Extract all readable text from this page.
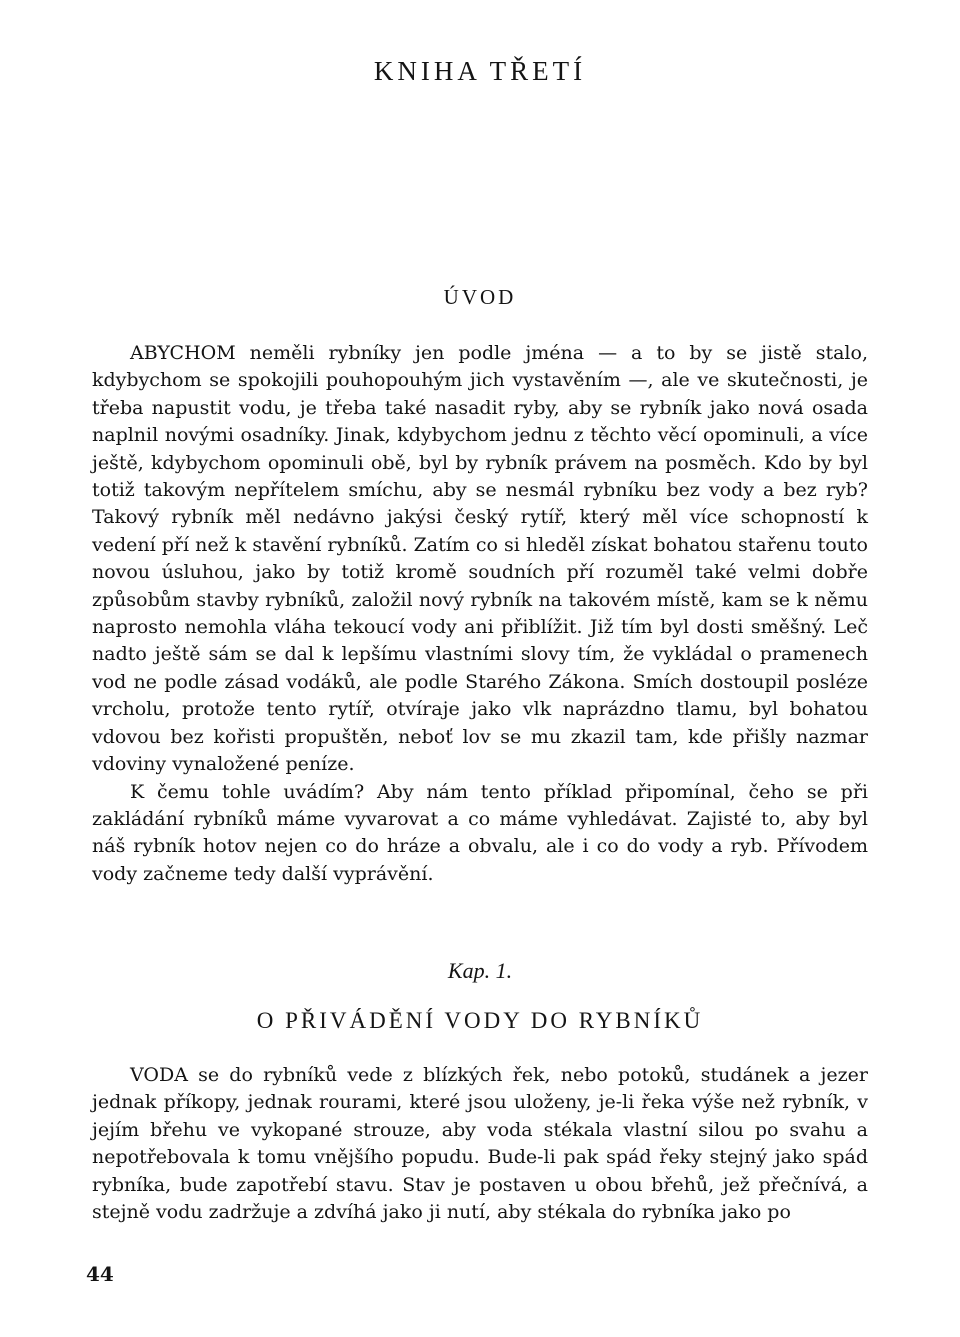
KNIHA TŘETÍ
ÚVOD

ABYCHOM neměli rybníky jen podle jména — a to by se jistě stalo, kdybychom se spokojili pouhopouhým jich vystavěním —, ale ve skutečnosti, je třeba napustit vodu, je třeba také nasadit ryby, aby se rybník jako nová osada naplnil novými osadníky. Jinak, kdybychom jednu z těchto věcí opominuli, a více ještě, kdybychom opominuli obě, byl by rybník právem na posměch. Kdo by byl totiž takovým nepřítelem smíchu, aby se nesmál rybníku bez vody a bez ryb? Takový rybník měl nedávno jakýsi český rytíř, který měl více schopností k vedení pří než k stavění rybníků. Zatím co si hleděl získat bohatou stařenu touto novou úsluhou, jako by totiž kromě soudních pří rozuměl také velmi dobře způsobům stavby rybníků, založil nový rybník na takovém místě, kam se k němu naprosto nemohla vláha tekoucí vody ani přiblížit. Již tím byl dosti směšný. Leč nadto ještě sám se dal k lepšímu vlastními slovy tím, že vykládal o pramenech vod ne podle zásad vodáků, ale podle Starého Zákona. Smích dostoupil posléze vrcholu, protože tento rytíř, otvíraje jako vlk naprázdno tlamu, byl bohatou vdovou bez kořisti propuštěn, neboť lov se mu zkazil tam, kde přišly nazmar vdoviny vynaložené peníze.

K čemu tohle uvádím? Aby nám tento příklad připomínal, čeho se při zakládání rybníků máme vyvarovat a co máme vyhledávat. Zajisté to, aby byl náš rybník hotov nejen co do hráze a obvalu, ale i co do vody a ryb. Přívodem vody začneme tedy další vyprávění.

Kap. 1.
O PŘIVÁDĚNÍ VODY DO RYBNÍKŮ

VODA se do rybníků vede z blízkých řek, nebo potoků, studánek a jezer jednak příkopy, jednak rourami, které jsou uloženy, je-li řeka výše než rybník, v jejím břehu ve vykopané strouze, aby voda stékala vlastní silou po svahu a nepotřebovala k tomu vnějšího popudu. Bude-li pak spád řeky stejný jako spád rybníka, bude zapotřebí stavu. Stav je postaven u obou břehů, jež přečnívá, a stejně vodu zadržuje a zdvíhá jako ji nutí, aby stékala do rybníka jako po

44
